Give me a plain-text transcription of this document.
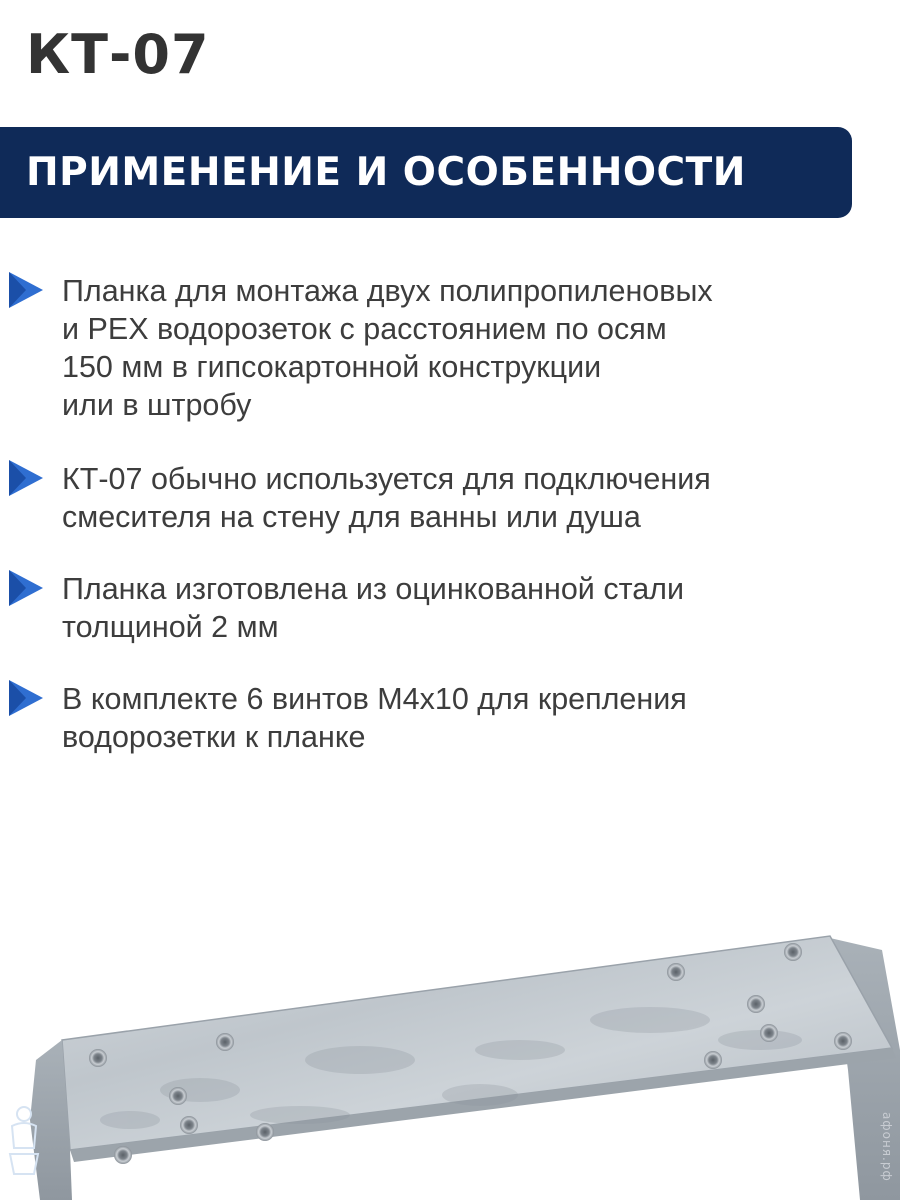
КТ-07
ПРИМЕНЕНИЕ И ОСОБЕННОСТИ

Планка для монтажа двух полипропиленовых
и РЕХ водорозеток с расстоянием по осям
150 мм в гипсокартонной конструкции
или в штробу

КТ-07 обычно используется для подключения
смесителя на стену для ванны или душа

Планка изготовлена из оцинкованной стали
толщиной 2 мм

В комплекте 6 винтов М4х10 для крепления
водорозетки к планке

афоня.рф
